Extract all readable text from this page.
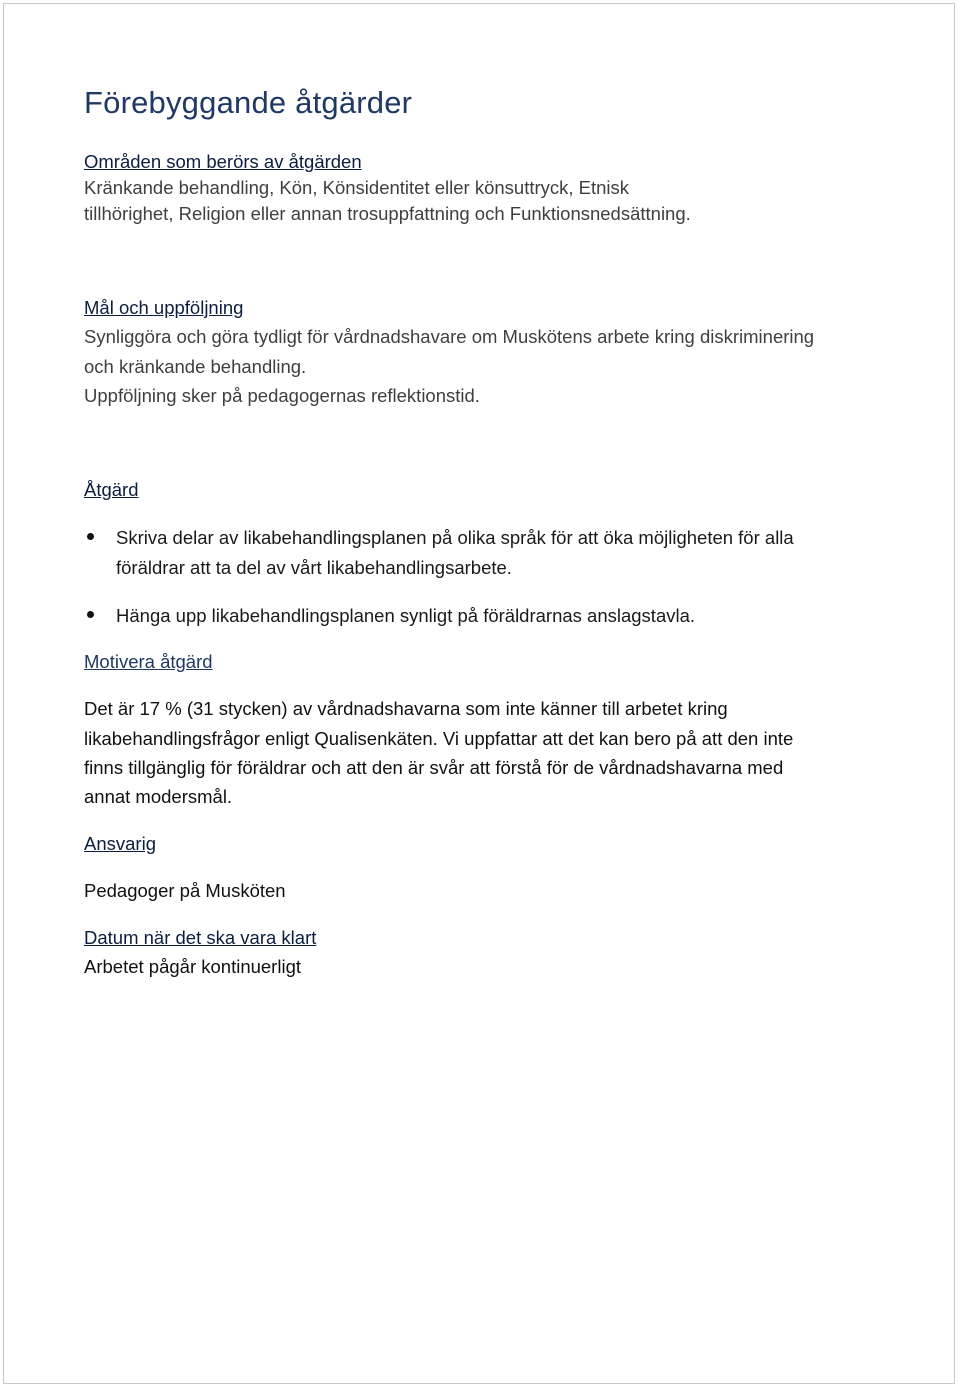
Förebyggande åtgärder
Områden som berörs av åtgärden
Kränkande behandling, Kön, Könsidentitet eller könsuttryck, Etnisk
tillhörighet, Religion eller annan trosuppfattning och Funktionsnedsättning.
Mål och uppföljning
Synliggöra och göra tydligt för vårdnadshavare om Muskötens arbete kring diskriminering
och kränkande behandling.
Uppföljning sker på pedagogernas reflektionstid.
Åtgärd
Skriva delar av likabehandlingsplanen på olika språk för att öka möjligheten för alla
föräldrar att ta del av vårt likabehandlingsarbete.
Hänga upp likabehandlingsplanen synligt på föräldrarnas anslagstavla.
Motivera åtgärd
Det är 17 % (31 stycken) av vårdnadshavarna som inte känner till arbetet kring
likabehandlingsfrågor enligt Qualisenkäten. Vi uppfattar att det kan bero på att den inte
finns tillgänglig för föräldrar och att den är svår att förstå för de vårdnadshavarna med
annat modersmål.
Ansvarig
Pedagoger på Musköten
Datum när det ska vara klart
Arbetet pågår kontinuerligt
